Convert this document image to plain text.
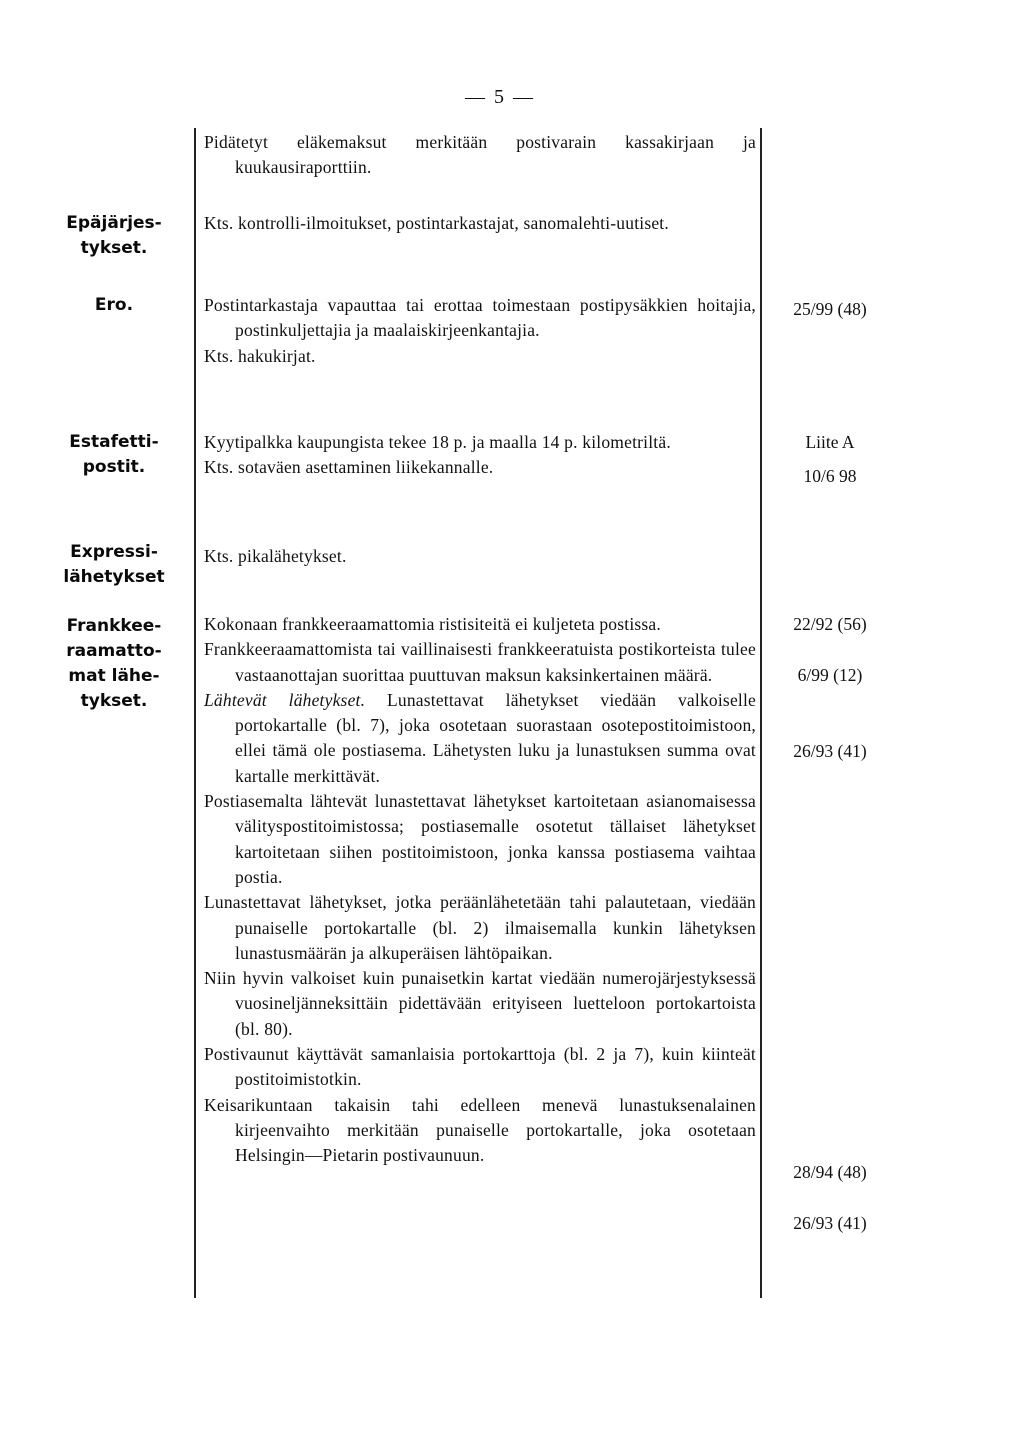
— 5 —

Pidätetyt eläkemaksut merkitään postivarain kassakirjaan ja kuukausiraporttiin.

Epäjärjes-
tykset.

Kts. kontrolli-ilmoitukset, postintarkastajat, sanomalehti-uutiset.

Ero.	Postintarkastaja vapauttaa tai erottaa toimestaan postipysäkkien hoitajia, postinkuljettajia ja maalaiskirjeenkantajia.

Kts. hakukirjat.

25/99 (48)
Estafetti-
postit.

Kyytipalkka kaupungista tekee 18 p. ja maalla 14 p. kilometriltä.

Kts. sotaväen asettaminen liikekannalle.

Liite A
10/6 98
Expressi-
lähetykset

Kts. pikalähetykset.

Frankkee-
raamatto-
mat lähe-
tykset.

Kokonaan frankkeeraamattomia ristisiteitä ei kuljeteta postissa.

Frankkeeraamattomista tai vaillinaisesti frankkeeratuista postikorteista tulee vastaanottajan suorittaa puuttuvan maksun kaksinkertainen määrä.

Lähtevät lähetykset. Lunastettavat lähetykset viedään valkoiselle portokartalle (bl. 7), joka osotetaan suorastaan osotepostitoimistoon, ellei tämä ole postiasema. Lähetysten luku ja lunastuksen summa ovat kartalle merkittävät.

Postiasemalta lähtevät lunastettavat lähetykset kartoitetaan asianomaisessa välityspostitoimistossa; postiasemalle osotetut tällaiset lähetykset kartoitetaan siihen postitoimistoon, jonka kanssa postiasema vaihtaa postia.

Lunastettavat lähetykset, jotka peräänlähetetään tahi palautetaan, viedään punaiselle portokartalle (bl. 2) ilmaisemalla kunkin lähetyksen lunastusmäärän ja alkuperäisen lähtöpaikan.

Niin hyvin valkoiset kuin punaisetkin kartat viedään numerojärjestyksessä vuosineljänneksittäin pidettävään erityiseen luetteloon portokartoista (bl. 80).

Postivaunut käyttävät samanlaisia portokarttoja (bl. 2 ja 7), kuin kiinteät postitoimistotkin.

Keisarikuntaan takaisin tahi edelleen menevä lunastuksenalainen kirjeenvaihto merkitään punaiselle portokartalle, joka osotetaan Helsingin—Pietarin postivaunuun.

22/92 (56)
6/99 (12)
26/93 (41)
28/94 (48)
26/93 (41)
